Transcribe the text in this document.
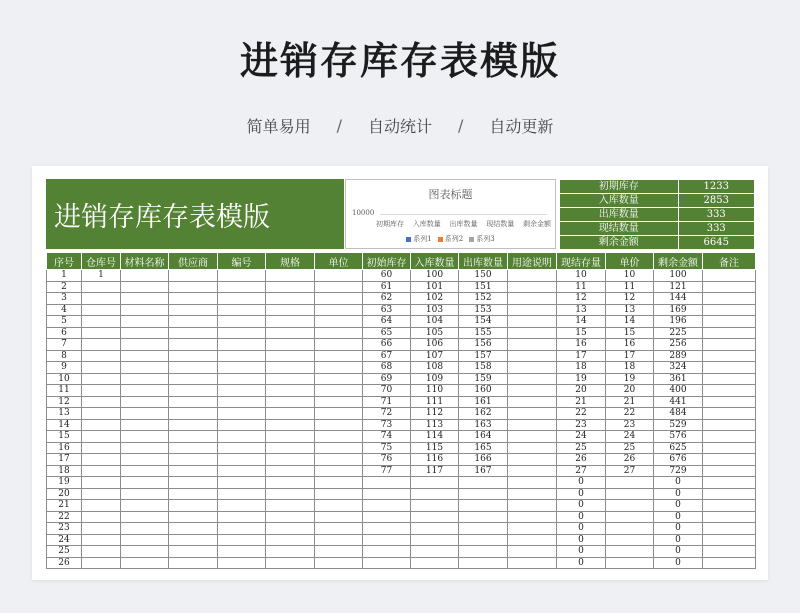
进销存库存表模版
简单易用 / 自动统计 / 自动更新
进销存库存表模版
图表标题
10000
初期库存 入库数量 出库数量 现结数量 剩余金额
系列1	系列2	系列3
初期库存	1233
入库数量	2853
出库数量	333
现结数量	333
剩余金额	6645
序号	仓库号	材料名称	供应商	编号	规格	单位	初始库存	入库数量	出库数量	用途说明	现结存量	单价	剩余金额	备注
1	1						60	100	150		10	10	100	
2							61	101	151		11	11	121	
3							62	102	152		12	12	144	
4							63	103	153		13	13	169	
5							64	104	154		14	14	196	
6							65	105	155		15	15	225	
7							66	106	156		16	16	256	
8							67	107	157		17	17	289	
9							68	108	158		18	18	324	
10							69	109	159		19	19	361	
11							70	110	160		20	20	400	
12							71	111	161		21	21	441	
13							72	112	162		22	22	484	
14							73	113	163		23	23	529	
15							74	114	164		24	24	576	
16							75	115	165		25	25	625	
17							76	116	166		26	26	676	
18							77	117	167		27	27	729	
19											0		0	
20											0		0	
21											0		0	
22											0		0	
23											0		0	
24											0		0	
25											0		0	
26											0		0	
